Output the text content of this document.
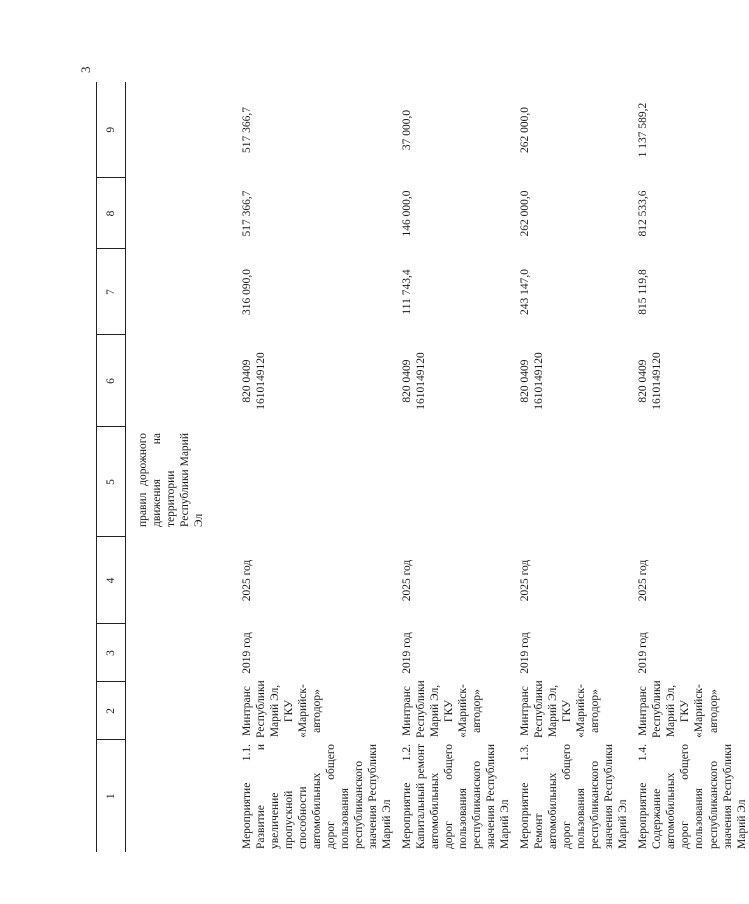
3
1	2	3	4	5	6	7	8	9
				правил дорожного движения на территории Республики Марий Эл				
Мероприятие 1.1. Развитие и увеличение пропускной способности автомобильных дорог общего пользования республиканского значения Республики Марий Эл	Минтранс Республики Марий Эл, ГКУ «Марийск-автодор»	2019 год	2025 год		820 0409 1610149120	316 090,0	517 366,7	517 366,7
Мероприятие 1.2. Капитальный ремонт автомобильных дорог общего пользования республиканского значения Республики Марий Эл	Минтранс Республики Марий Эл, ГКУ «Марийск-автодор»	2019 год	2025 год		820 0409 1610149120	111 743,4	146 000,0	37 000,0
Мероприятие 1.3. Ремонт автомобильных дорог общего пользования республиканского значения Республики Марий Эл	Минтранс Республики Марий Эл, ГКУ «Марийск-автодор»	2019 год	2025 год		820 0409 1610149120	243 147,0	262 000,0	262 000,0
Мероприятие 1.4. Содержание автомобильных дорог общего пользования республиканского значения Республики Марий Эл	Минтранс Республики Марий Эл, ГКУ «Марийск-автодор»	2019 год	2025 год		820 0409 1610149120	815 119,8	812 533,6	1 137 589,2
